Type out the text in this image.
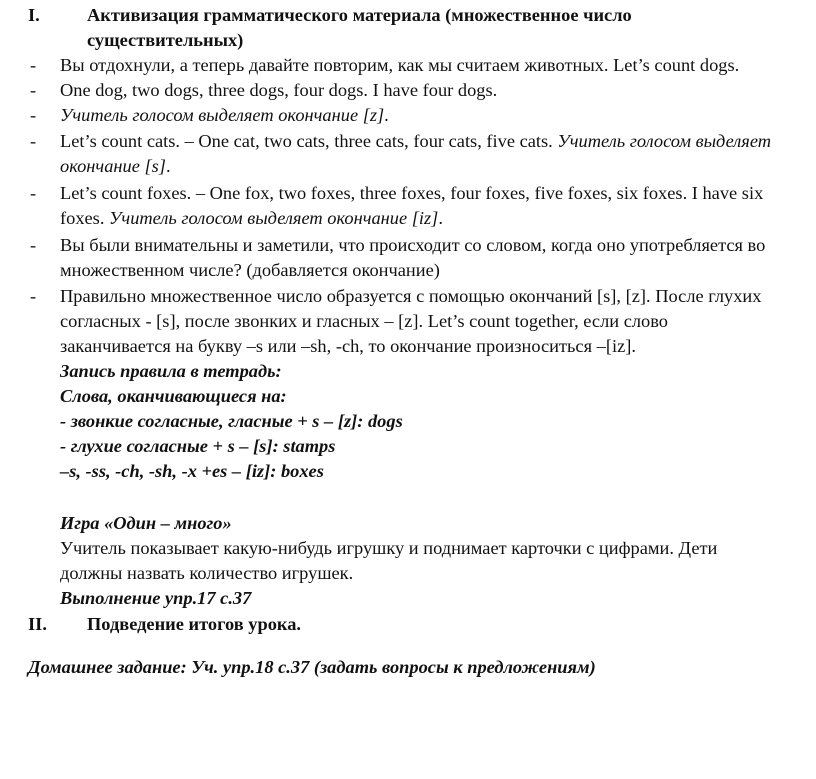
I.	Активизация грамматического материала (множественное число
существительных)
- Вы отдохнули, а теперь давайте повторим, как мы считаем животных. Let’s count dogs.
- One dog, two dogs, three dogs, four dogs. I have four dogs.
- Учитель голосом выделяет окончание [z].
- Let’s count cats. – One cat, two cats, three cats, four cats, five cats. Учитель голосом выделяет
окончание [s].
- Let’s count foxes. – One fox, two foxes, three foxes, four foxes, five foxes, six foxes. I have six
foxes. Учитель голосом выделяет окончание [iz].
- Вы были внимательны и заметили, что происходит со словом, когда оно употребляется во
множественном числе? (добавляется окончание)
- Правильно множественное число образуется с помощью окончаний [s], [z]. После глухих
согласных - [s], после звонких и гласных – [z]. Let’s count together, если слово
заканчивается на букву –s или –sh, -ch, то окончание произноситься –[iz].
Запись правила в тетрадь:
Слова, оканчивающиеся на:
- звонкие согласные, гласные + s – [z]: dogs
- глухие согласные + s – [s]: stamps
–s, -ss, -ch, -sh, -x +es – [iz]: boxes
Игра «Один – много»
Учитель показывает какую-нибудь игрушку и поднимает карточки с цифрами. Дети
должны назвать количество игрушек.
Выполнение упр.17 с.37
II. Подведение итогов урока.
Домашнее задание: Уч. упр.18 с.37 (задать вопросы к предложениям)
